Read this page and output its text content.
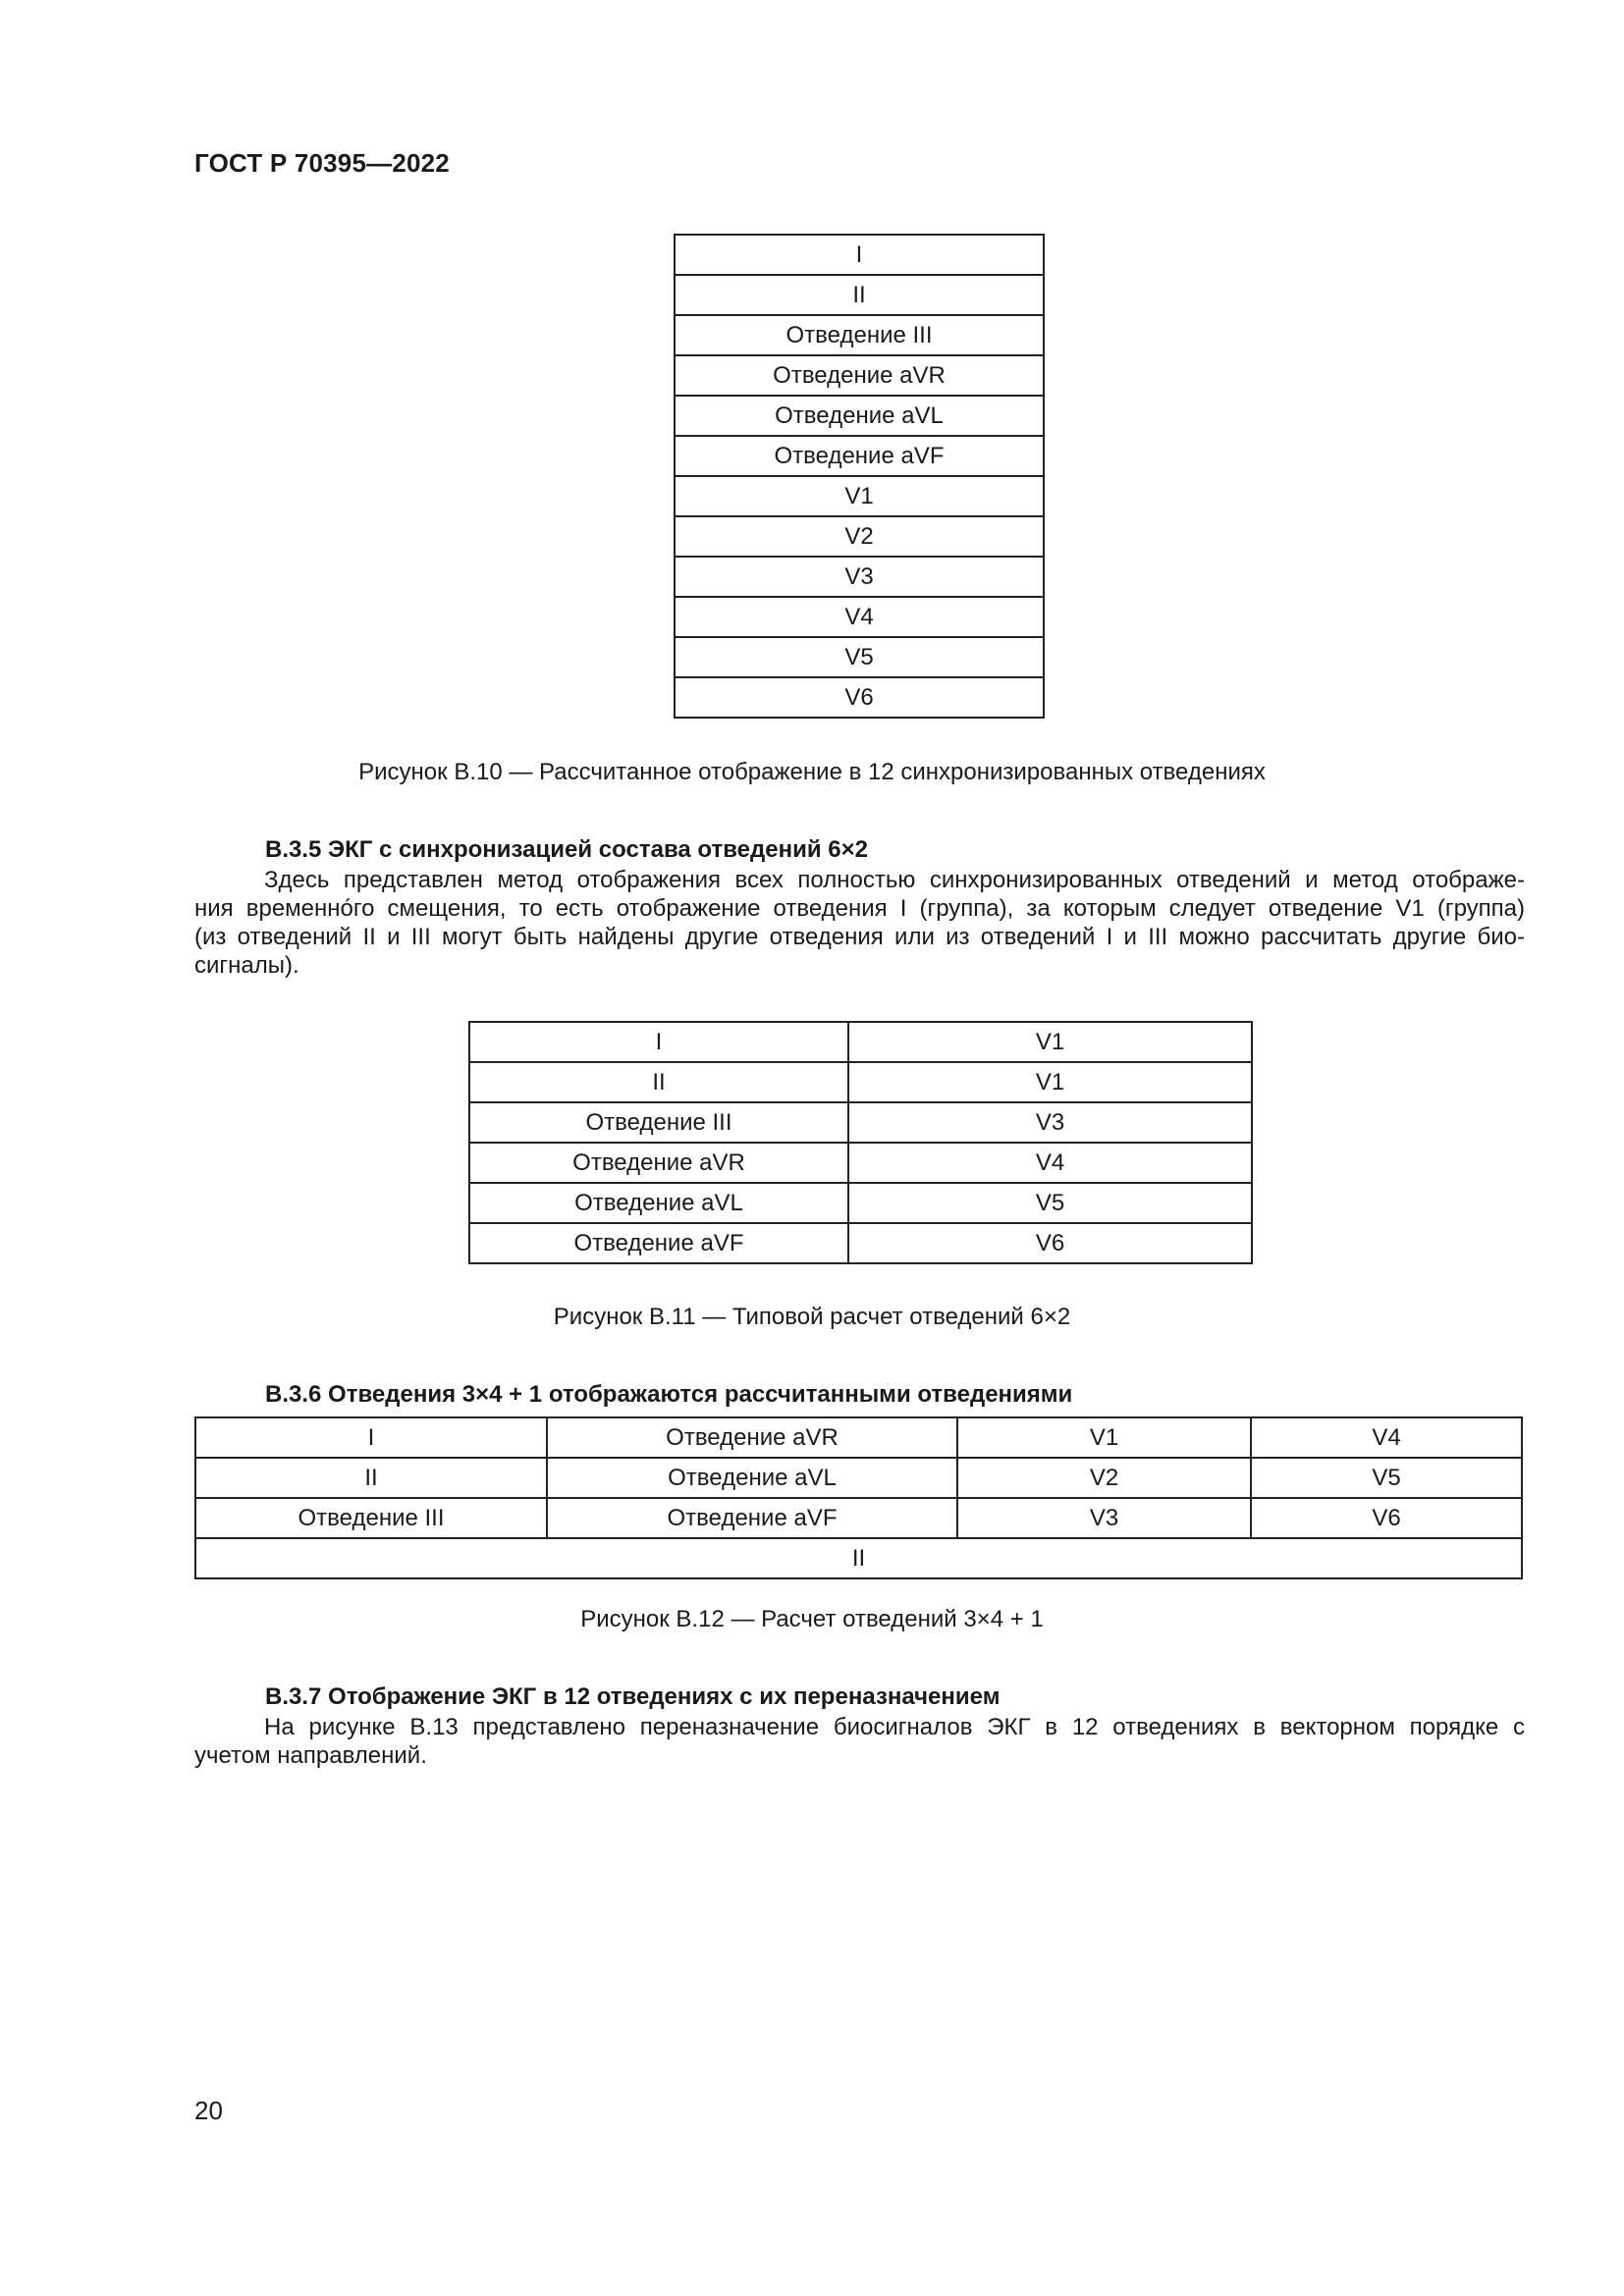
ГОСТ Р 70395—2022
I
II
Отведение III
Отведение aVR
Отведение aVL
Отведение aVF
V1
V2
V3
V4
V5
V6
Рисунок B.10 — Рассчитанное отображение в 12 синхронизированных отведениях
B.3.5 ЭКГ с синхронизацией состава отведений 6×2
Здесь представлен метод отображения всех полностью синхронизированных отведений и метод отображе-
ния временно́го смещения, то есть отображение отведения I (группа), за которым следует отведение V1 (группа)
(из отведений II и III могут быть найдены другие отведения или из отведений I и III можно рассчитать другие био-
сигналы).
I	V1
II	V1
Отведение III	V3
Отведение aVR	V4
Отведение aVL	V5
Отведение aVF	V6
Рисунок B.11 — Типовой расчет отведений 6×2
B.3.6 Отведения 3×4 + 1 отображаются рассчитанными отведениями
I	Отведение aVR	V1	V4
II	Отведение aVL	V2	V5
Отведение III	Отведение aVF	V3	V6
II			
Рисунок B.12 — Расчет отведений 3×4 + 1
B.3.7 Отображение ЭКГ в 12 отведениях с их переназначением
На рисунке B.13 представлено переназначение биосигналов ЭКГ в 12 отведениях в векторном порядке с
учетом направлений.
20
